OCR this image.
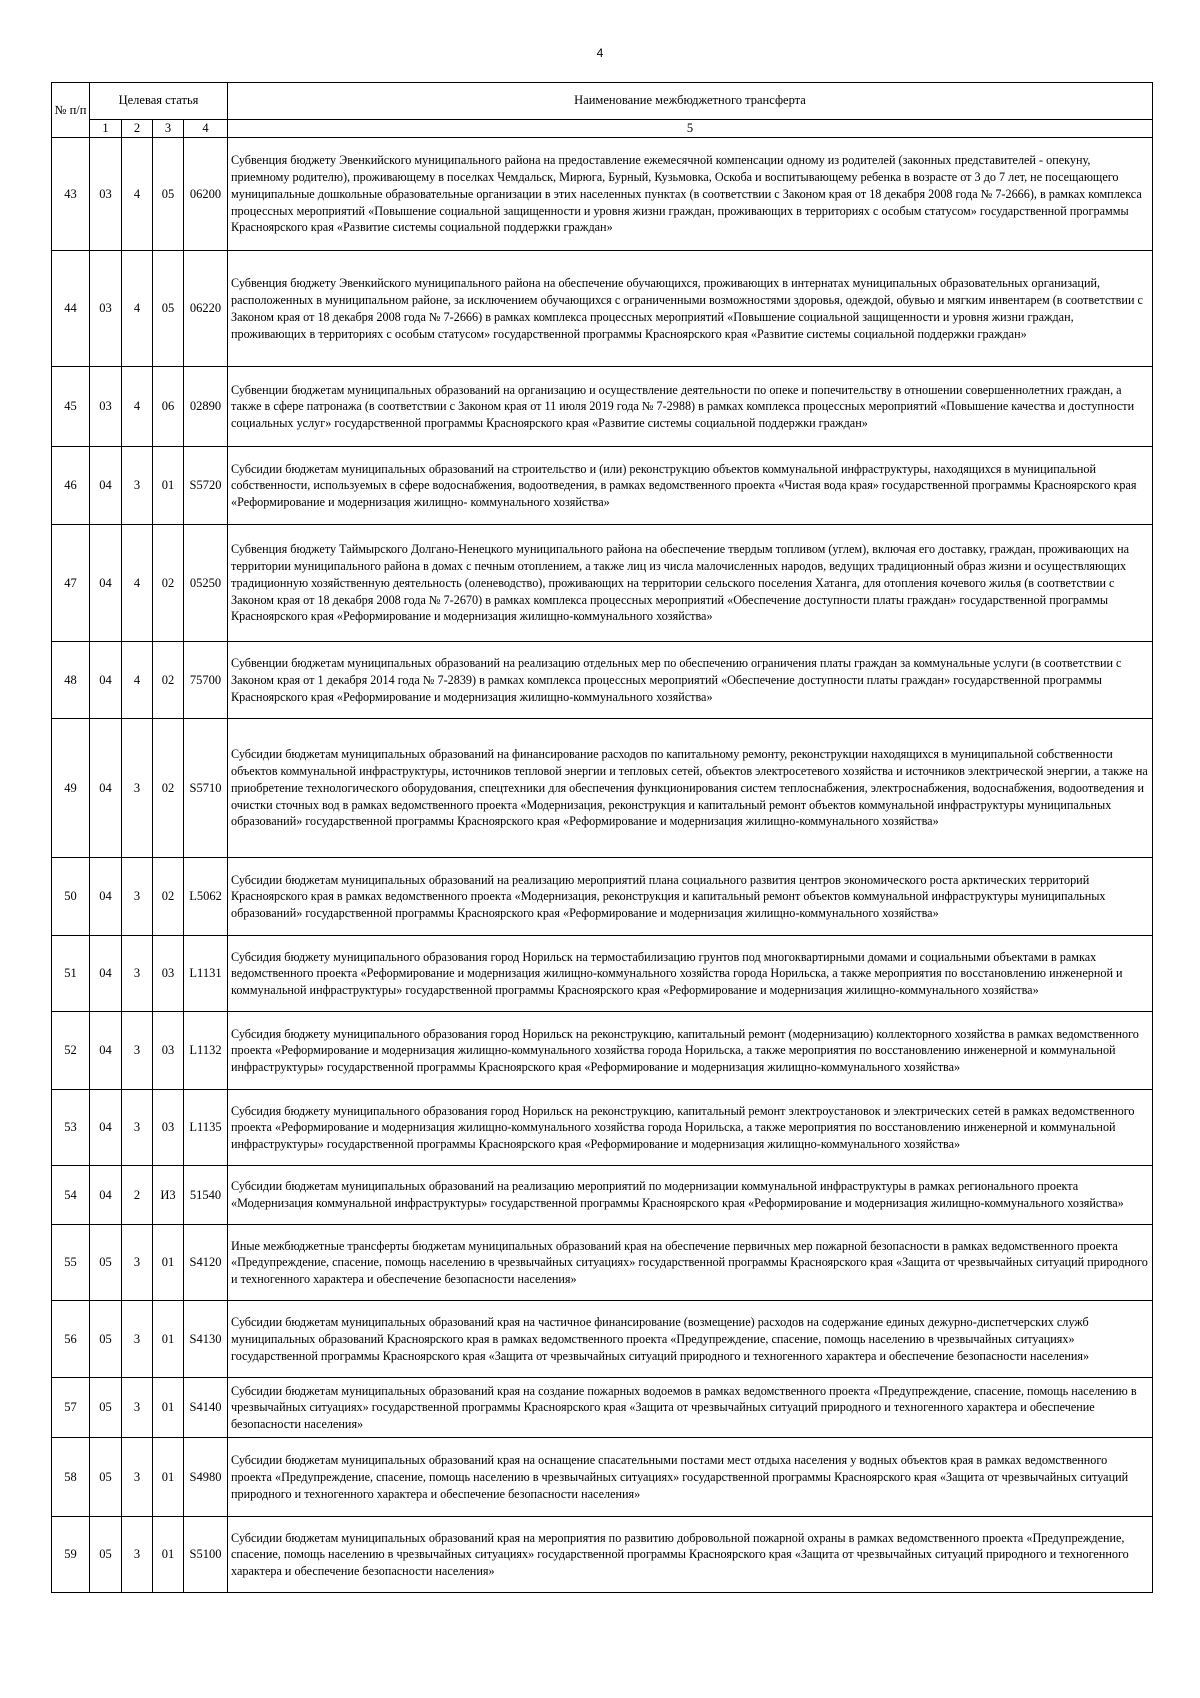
4
№ п/п	Целевая статья				Наименование межбюджетного трансферта
	1	2	3	4	5
43	03	4	05	06200	Субвенция бюджету Эвенкийского муниципального района на предоставление ежемесячной компенсации одному из родителей (законных представителей - опекуну, приемному родителю), проживающему в поселках Чемдальск, Мирюга, Бурный, Кузьмовка, Оскоба и воспитывающему ребенка в возрасте от 3 до 7 лет, не посещающего муниципальные дошкольные образовательные организации в этих населенных пунктах (в соответствии с Законом края от 18 декабря 2008 года № 7-2666), в рамках комплекса процессных мероприятий «Повышение социальной защищенности и уровня жизни граждан, проживающих в территориях с особым статусом» государственной программы Красноярского края «Развитие системы социальной поддержки граждан»
44	03	4	05	06220	Субвенция бюджету Эвенкийского муниципального района на обеспечение обучающихся, проживающих в интернатах муниципальных образовательных организаций, расположенных в муниципальном районе, за исключением обучающихся с ограниченными возможностями здоровья, одеждой, обувью и мягким инвентарем (в соответствии с Законом края от 18 декабря 2008 года № 7-2666) в рамках комплекса процессных мероприятий «Повышение социальной защищенности и уровня жизни граждан, проживающих в территориях с особым статусом» государственной программы Красноярского края «Развитие системы социальной поддержки граждан»
45	03	4	06	02890	Субвенции бюджетам муниципальных образований на организацию и осуществление деятельности по опеке и попечительству в отношении совершеннолетних граждан, а также в сфере патронажа (в соответствии с Законом края от 11 июля 2019 года № 7-2988) в рамках комплекса процессных мероприятий «Повышение качества и доступности социальных услуг» государственной программы Красноярского края «Развитие системы социальной поддержки граждан»
46	04	3	01	S5720	Субсидии бюджетам муниципальных образований на строительство и (или) реконструкцию объектов коммунальной инфраструктуры, находящихся в муниципальной собственности, используемых в сфере водоснабжения, водоотведения, в рамках ведомственного проекта «Чистая вода края» государственной программы Красноярского края «Реформирование и модернизация жилищно- коммунального хозяйства»
47	04	4	02	05250	Субвенция бюджету Таймырского Долгано-Ненецкого муниципального района на обеспечение твердым топливом (углем), включая его доставку, граждан, проживающих на территории муниципального района в домах с печным отоплением, а также лиц из числа малочисленных народов, ведущих традиционный образ жизни и осуществляющих традиционную хозяйственную деятельность (оленеводство), проживающих на территории сельского поселения Хатанга, для отопления кочевого жилья (в соответствии с Законом края от 18 декабря 2008 года № 7-2670) в рамках комплекса процессных мероприятий «Обеспечение доступности платы граждан» государственной программы Красноярского края «Реформирование и модернизация жилищно-коммунального хозяйства»
48	04	4	02	75700	Субвенции бюджетам муниципальных образований на реализацию отдельных мер по обеспечению ограничения платы граждан за коммунальные услуги (в соответствии с Законом края от 1 декабря 2014 года № 7-2839) в рамках комплекса процессных мероприятий «Обеспечение доступности платы граждан» государственной программы Красноярского края «Реформирование и модернизация жилищно-коммунального хозяйства»
49	04	3	02	S5710	Субсидии бюджетам муниципальных образований на финансирование расходов по капитальному ремонту, реконструкции находящихся в муниципальной собственности объектов коммунальной инфраструктуры, источников тепловой энергии и тепловых сетей, объектов электросетевого хозяйства и источников электрической энергии, а также на приобретение технологического оборудования, спецтехники для обеспечения функционирования систем теплоснабжения, электроснабжения, водоснабжения, водоотведения и очистки сточных вод в рамках ведомственного проекта «Модернизация, реконструкция и капитальный ремонт объектов коммунальной инфраструктуры муниципальных образований» государственной программы Красноярского края «Реформирование и модернизация жилищно-коммунального хозяйства»
50	04	3	02	L5062	Субсидии бюджетам муниципальных образований на реализацию мероприятий плана социального развития центров экономического роста арктических территорий Красноярского края в рамках ведомственного проекта «Модернизация, реконструкция и капитальный ремонт объектов коммунальной инфраструктуры муниципальных образований» государственной программы Красноярского края «Реформирование и модернизация жилищно-коммунального хозяйства»
51	04	3	03	L1131	Субсидия бюджету муниципального образования город Норильск на термостабилизацию грунтов под многоквартирными домами и социальными объектами в рамках ведомственного проекта «Реформирование и модернизация жилищно-коммунального хозяйства города Норильска, а также мероприятия по восстановлению инженерной и коммунальной инфраструктуры» государственной программы Красноярского края «Реформирование и модернизация жилищно-коммунального хозяйства»
52	04	3	03	L1132	Субсидия бюджету муниципального образования город Норильск на реконструкцию, капитальный ремонт (модернизацию) коллекторного хозяйства в рамках ведомственного проекта «Реформирование и модернизация жилищно-коммунального хозяйства города Норильска, а также мероприятия по восстановлению инженерной и коммунальной инфраструктуры» государственной программы Красноярского края «Реформирование и модернизация жилищно-коммунального хозяйства»
53	04	3	03	L1135	Субсидия бюджету муниципального образования город Норильск на реконструкцию, капитальный ремонт электроустановок и электрических сетей в рамках ведомственного проекта «Реформирование и модернизация жилищно-коммунального хозяйства города Норильска, а также мероприятия по восстановлению инженерной и коммунальной инфраструктуры» государственной программы Красноярского края «Реформирование и модернизация жилищно-коммунального хозяйства»
54	04	2	И3	51540	Субсидии бюджетам муниципальных образований на реализацию мероприятий по модернизации коммунальной инфраструктуры в рамках регионального проекта «Модернизация коммунальной инфраструктуры» государственной программы Красноярского края «Реформирование и модернизация жилищно-коммунального хозяйства»
55	05	3	01	S4120	Иные межбюджетные трансферты бюджетам муниципальных образований края на обеспечение первичных мер пожарной безопасности в рамках ведомственного проекта «Предупреждение, спасение, помощь населению в чрезвычайных ситуациях» государственной программы Красноярского края «Защита от чрезвычайных ситуаций природного и техногенного характера и обеспечение безопасности населения»
56	05	3	01	S4130	Субсидии бюджетам муниципальных образований края на частичное финансирование (возмещение) расходов на содержание единых дежурно-диспетчерских служб муниципальных образований Красноярского края в рамках ведомственного проекта «Предупреждение, спасение, помощь населению в чрезвычайных ситуациях» государственной программы Красноярского края «Защита от чрезвычайных ситуаций природного и техногенного характера и обеспечение безопасности населения»
57	05	3	01	S4140	Субсидии бюджетам муниципальных образований края на создание пожарных водоемов в рамках ведомственного проекта «Предупреждение, спасение, помощь населению в чрезвычайных ситуациях» государственной программы Красноярского края «Защита от чрезвычайных ситуаций природного и техногенного характера и обеспечение безопасности населения»
58	05	3	01	S4980	Субсидии бюджетам муниципальных образований края на оснащение спасательными постами мест отдыха населения у водных объектов края в рамках ведомственного проекта «Предупреждение, спасение, помощь населению в чрезвычайных ситуациях» государственной программы Красноярского края «Защита от чрезвычайных ситуаций природного и техногенного характера и обеспечение безопасности населения»
59	05	3	01	S5100	Субсидии бюджетам муниципальных образований края на мероприятия по развитию добровольной пожарной охраны в рамках ведомственного проекта «Предупреждение, спасение, помощь населению в чрезвычайных ситуациях» государственной программы Красноярского края «Защита от чрезвычайных ситуаций природного и техногенного характера и обеспечение безопасности населения»
